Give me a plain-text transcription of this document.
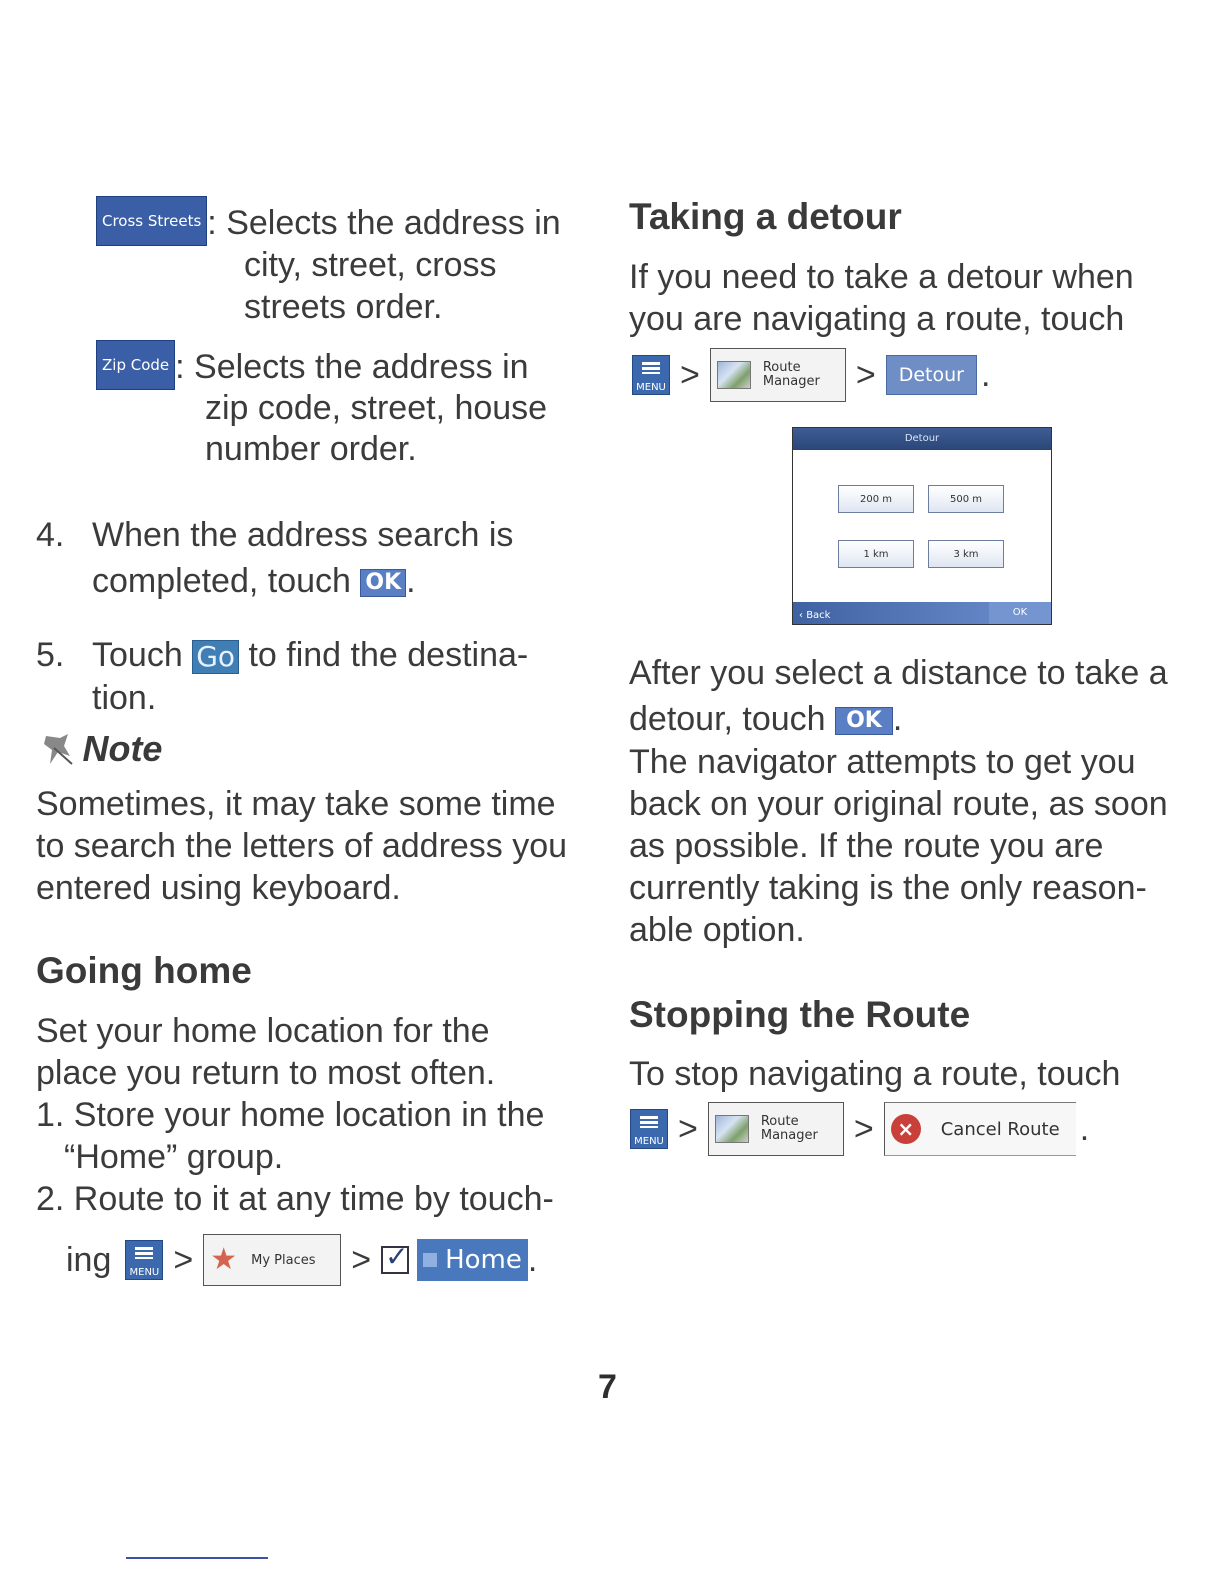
Cross Streets : Selects the address in
city, street, cross
streets order.
Zip Code : Selects the address in
zip code, street, house
number order.
4. When the address search is
completed, touch OK .
5. Touch Go to find the destina-
tion.
Note
Sometimes, it may take some time
to search the letters of address you
entered using keyboard.
Going home
Set your home location for the
place you return to most often.
1. Store your home location in the
“Home” group.
2. Route to it at any time by touch-
ing	MENU > ★ My Places > ✓ Home .
Taking a detour
If you need to take a detour when
you are navigating a route, touch
MENU >	Route
Manager >	Detour .
Detour
200 m	500 m
1 km	3 km
‹ Back	OK
After you select a distance to take a
detour, touch OK .
The navigator attempts to get you
back on your original route, as soon
as possible. If the route you are
currently taking is the only reason-
able option.
Stopping the Route
To stop navigating a route, touch
MENU >	Route
Manager >	×	Cancel Route .
7
